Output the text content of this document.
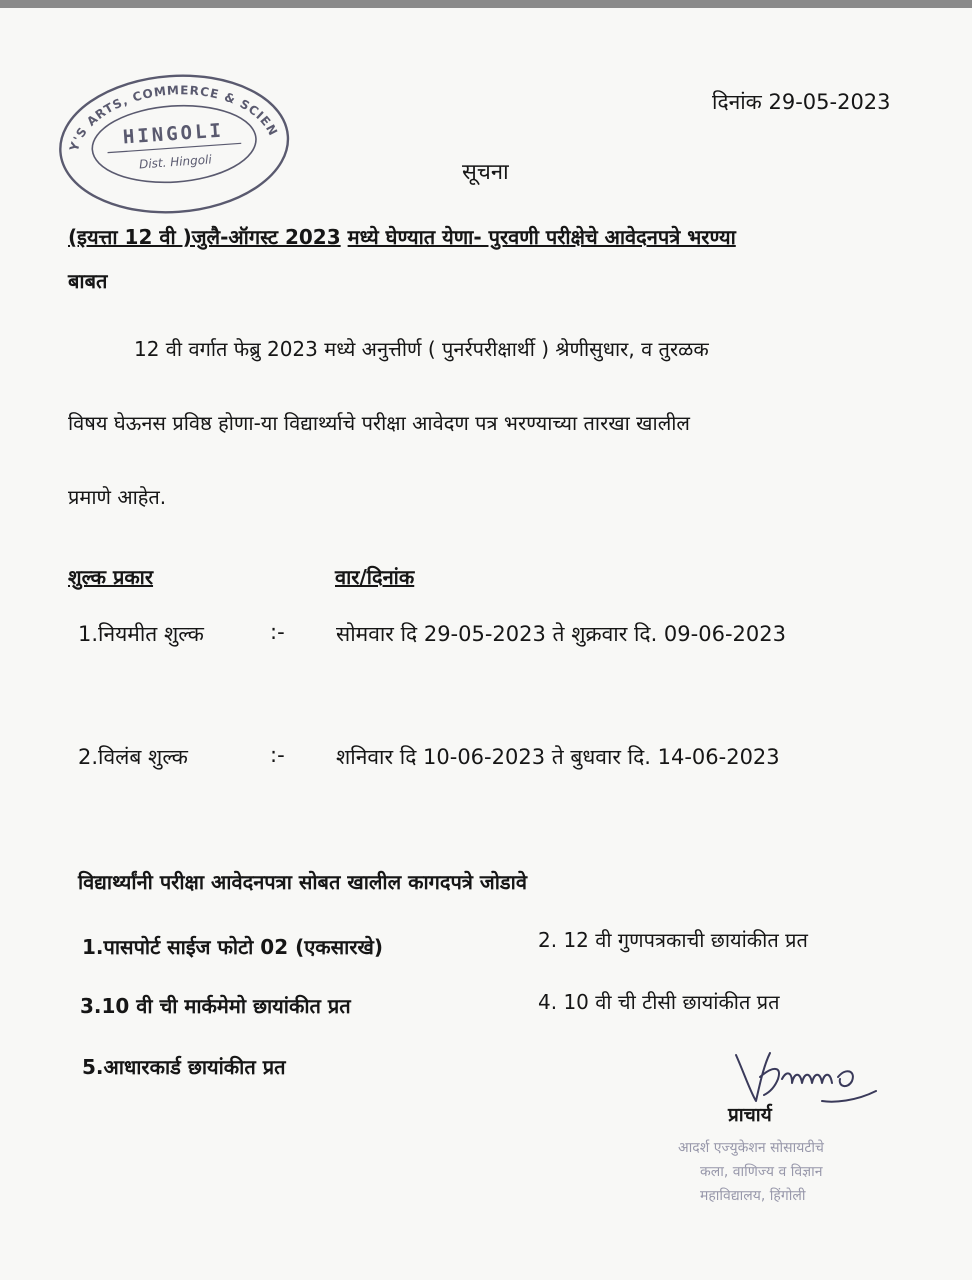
A.E. SOCIETY'S ARTS, COMMERCE & SCIENCE COLLEGE
HINGOLI
Dist. Hingoli
दिनांक 29-05-2023
सूचना
(इयत्ता 12 वी )जुलै-ऑगस्ट 2023 मध्ये घेण्यात येणा- पुरवणी परीक्षेचे आवेदनपत्रे भरण्या
बाबत
12 वी वर्गात फेब्रु 2023 मध्ये अनुत्तीर्ण ( पुनर्रपरीक्षार्थी ) श्रेणीसुधार, व तुरळक
विषय घेऊनस प्रविष्ठ होणा-या विद्यार्थ्याचे परीक्षा आवेदण पत्र भरण्याच्या तारखा खालील
प्रमाणे आहेत.
शुल्क प्रकार	वार/दिनांक
1.नियमीत शुल्क	:- सोमवार दि 29-05-2023 ते शुक्रवार दि. 09-06-2023
2.विलंब शुल्क	:- शनिवार दि 10-06-2023 ते बुधवार दि. 14-06-2023
विद्यार्थ्यांनी परीक्षा आवेदनपत्रा सोबत खालील कागदपत्रे जोडावे
1.पासपोर्ट साईज फोटो 02 (एकसारखे)	2. 12 वी गुणपत्रकाची छायांकीत प्रत
3.10 वी ची मार्कमेमो छायांकीत प्रत	4. 10 वी ची टीसी छायांकीत प्रत
5.आधारकार्ड छायांकीत प्रत
प्राचार्य
आदर्श एज्युकेशन सोसायटीचे
कला, वाणिज्य व विज्ञान
महाविद्यालय, हिंगोली
